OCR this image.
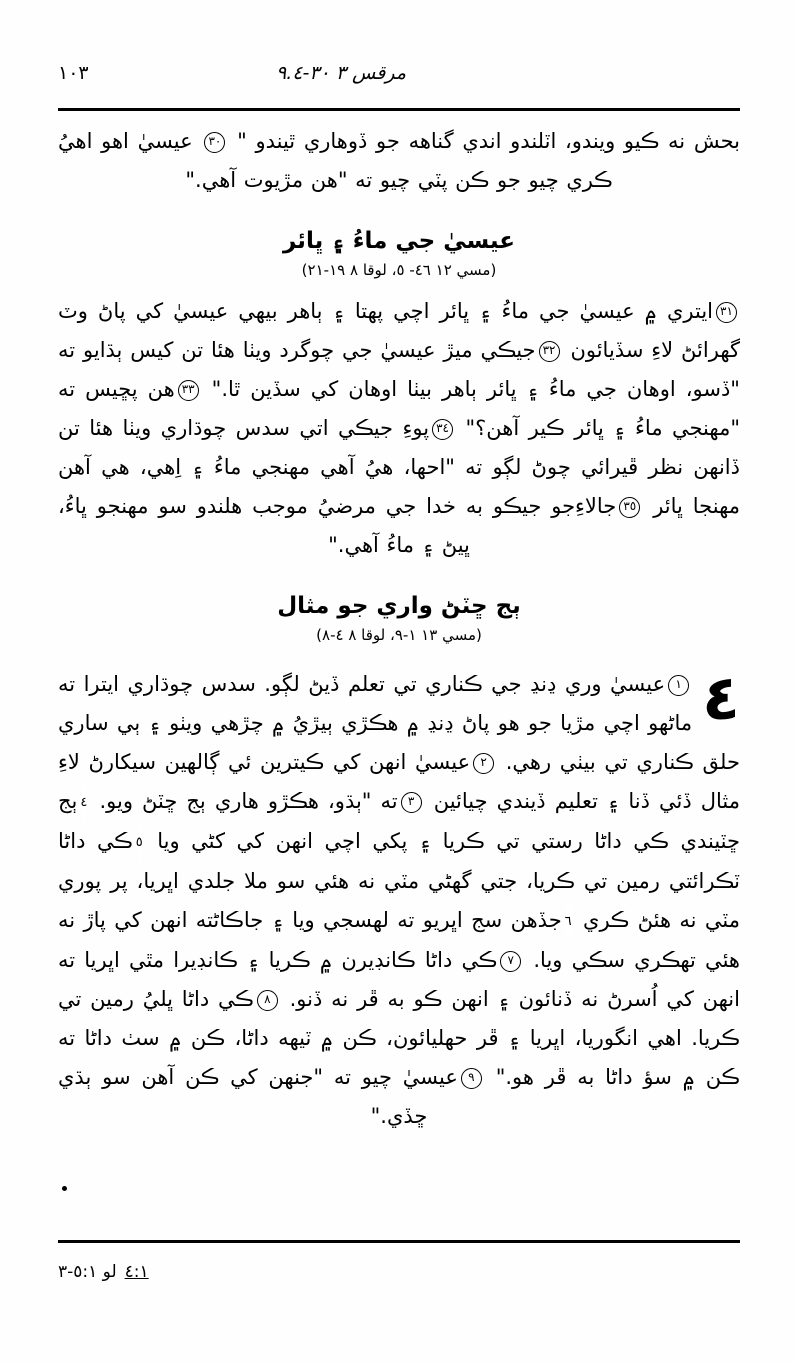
١٠٣	مرقس ٣ ٣٠-٩.٤

بحش نه ڪيو ويندو، اٽلندو اندي گناهه جو ڏوهاري ٿيندو " ٣٠ عيسيٰ اهو اهيُ ڪري چيو جو ڪن پٽي چيو ته "هن مڙيوت آهي."

عيسيٰ جي ماءُ ۽ ڀائر
(مسي ١٢ ٤٦- ٥، لوقا ٨ ١٩-٢١)

٣١ايتري ۾ عيسيٰ جي ماءُ ۽ ڀائر اچي پهتا ۽ ٻاهر بيهي عيسيٰ کي پاڻ وٽ گهرائڻ لاءِ سڏيائون ٣٢جيڪي ميڙ عيسيٰ جي چوگرد ويٺا هئا تن کيس ٻڌايو ته "ڏسو، اوهان جي ماءُ ۽ ڀائر ٻاهر بيٺا اوهان کي سڏين ٿا." ٣٣هن پڇيس ته "مهنجي ماءُ ۽ ڀائر ڪير آهن؟" ٣٤پوءِ جيڪي اتي سدس چوڌاري ويٺا هئا تن ڏانهن نظر ڦيرائي چوڻ لڳو ته "احها، هيُ آهي مهنجي ماءُ ۽ اِهي، هي آهن مهنجا ڀائر ٣٥جالاءِجو جيڪو به خدا جي مرضيُ موجب هلندو سو مهنجو ڀاءُ، ڀيڻ ۽ ماءُ آهي."

ٻج ڇٽڻ واري جو مثال
(مسي ١٣ ١-٩، لوقا ٨ ٤-٨)
٤

١عيسيٰ وري ڍنڍ جي ڪناري تي تعلم ڏيڻ لڳو. سدس چوڌاري ايترا ته ماڻهو اچي مڙيا جو هو پاڻ ڍنڍ ۾ هڪڙي ٻيڙيُ ۾ چڙهي ويٺو ۽ ٻي ساري حلق ڪناري تي بيٺي رهي. ٢عيسيٰ انهن کي ڪيترين ئي ڳالهين سيکارڻ لاءِ مثال ڏئي ڏنا ۽ تعليم ڏيندي چيائين ٣ته "ٻڌو، هڪڙو هاري ٻج ڇٽڻ ويو. ٤ٻج ڇٽيندي ڪي داڻا رستي تي ڪريا ۽ پکي اچي انهن کي کڻي ويا ٥ڪي داڻا ٽڪرائتي رمين تي ڪريا، جتي گهڻي مٽي نه هئي سو ملا جلدي اڀريا، پر پوري مٽي نه هئڻ ڪري ٦جڏهن سج اڀريو ته لهسجي ويا ۽ جاڪاڻته انهن کي پاڙ نه هئي تهڪري سڪي ويا. ٧ڪي داڻا ڪانڊيرن ۾ ڪريا ۽ ڪانڊيرا مٿي اڀريا ته انهن کي اُسرڻ نه ڏنائون ۽ انهن ڪو به ڦر نه ڏنو. ٨ڪي داڻا ڀليُ رمين تي ڪريا. اهي انگوريا، اڀريا ۽ ڦر حهليائون، ڪن ۾ ٽيهه داڻا، ڪن ۾ سٺ داڻا ته ڪن ۾ سؤ داڻا به ڦر هو." ٩عيسيٰ چيو ته "جنهن کي ڪن آهن سو ٻڌي ڇڏي."

٤:١لو ٥:١-٣
